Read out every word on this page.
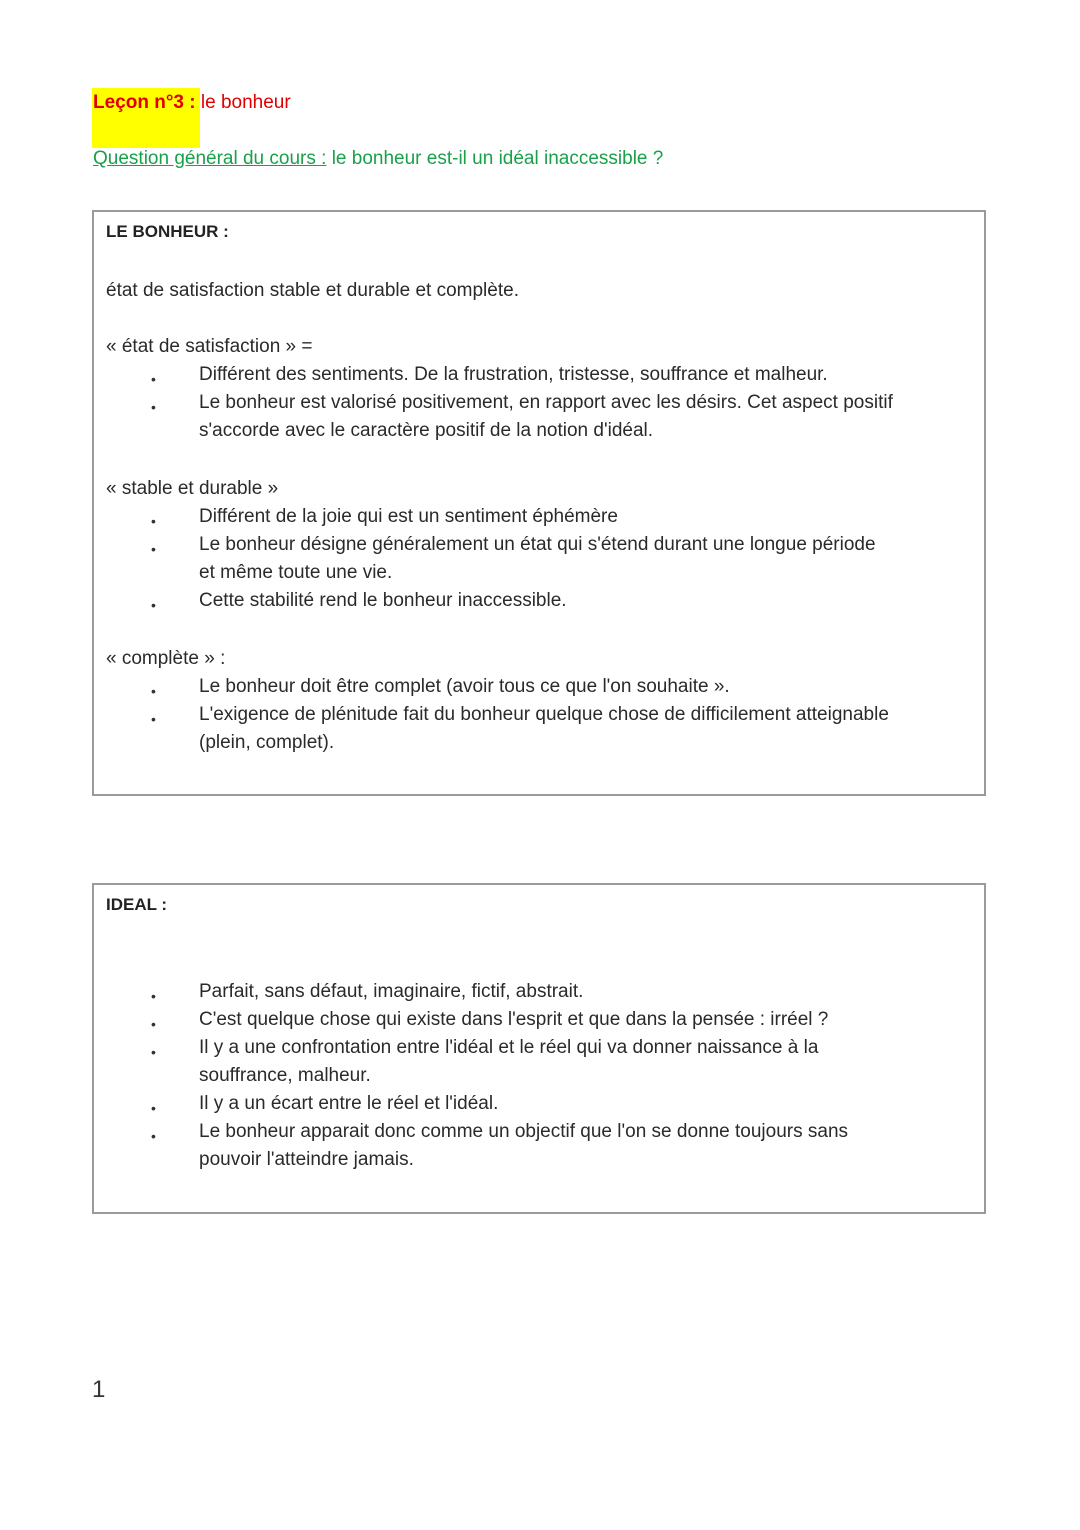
Leçon n°3 : le bonheur
Question général du cours : le bonheur est-il un idéal inaccessible ?
LE BONHEUR :
état de satisfaction stable et durable et complète.
« état de satisfaction » =
• Différent des sentiments. De la frustration, tristesse, souffrance et malheur.
• Le bonheur est valorisé positivement, en rapport avec les désirs. Cet aspect positif
s'accorde avec le caractère positif de la notion d'idéal.
« stable et durable »
• Différent de la joie qui est un sentiment éphémère
• Le bonheur désigne généralement un état qui s'étend durant une longue période
et même toute une vie.
• Cette stabilité rend le bonheur inaccessible.
« complète » :
• Le bonheur doit être complet (avoir tous ce que l'on souhaite ».
• L'exigence de plénitude fait du bonheur quelque chose de difficilement atteignable
(plein, complet).
IDEAL :
• Parfait, sans défaut, imaginaire, fictif, abstrait.
• C'est quelque chose qui existe dans l'esprit et que dans la pensée : irréel ?
• Il y a une confrontation entre l'idéal et le réel qui va donner naissance à la
souffrance, malheur.
• Il y a un écart entre le réel et l'idéal.
• Le bonheur apparait donc comme un objectif que l'on se donne toujours sans
pouvoir l'atteindre jamais.
1
